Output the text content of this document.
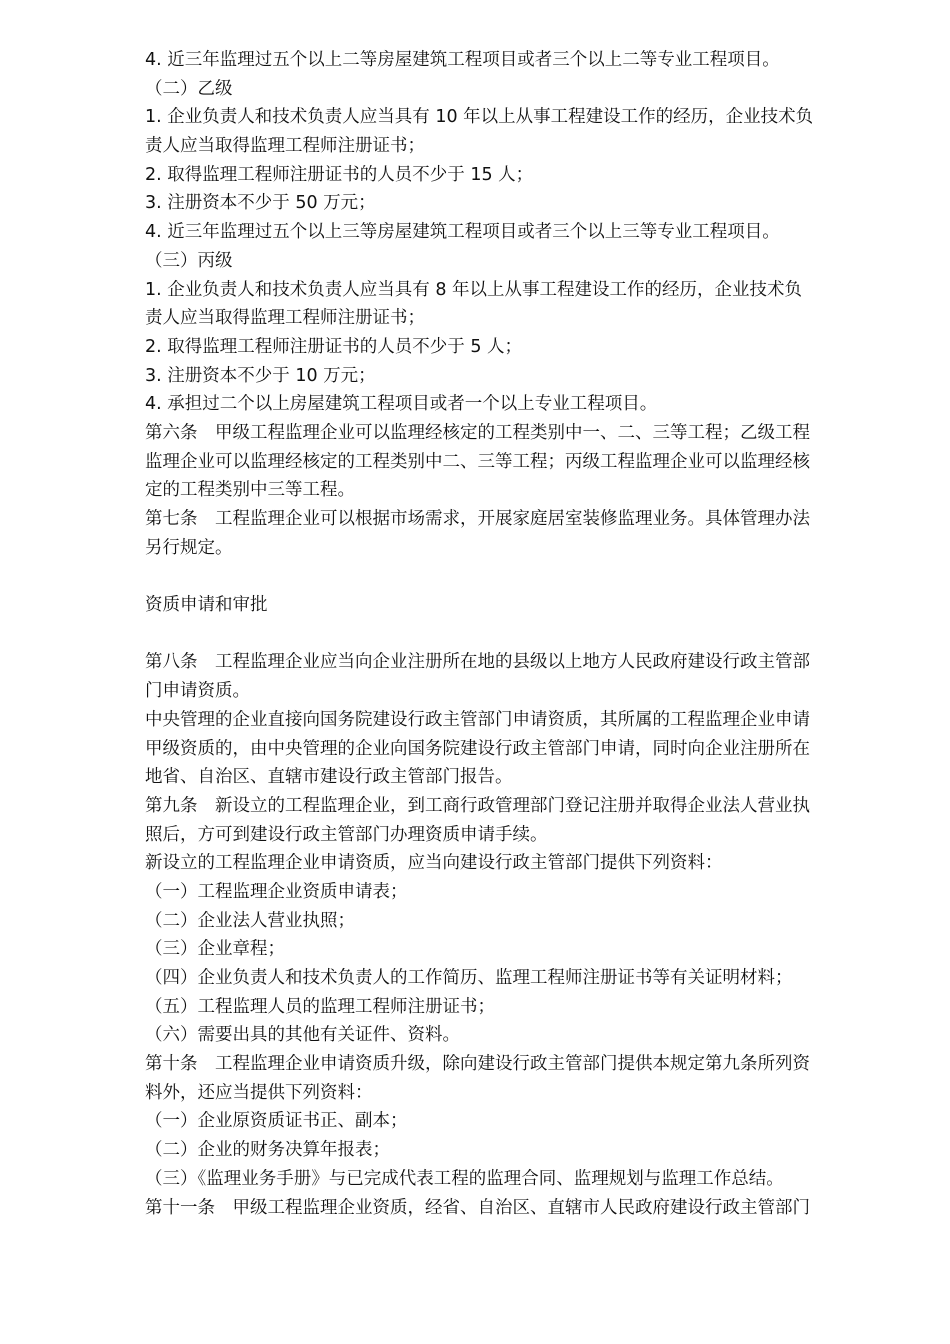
4. 近三年监理过五个以上二等房屋建筑工程项目或者三个以上二等专业工程项目。
（二）乙级
1. 企业负责人和技术负责人应当具有 10 年以上从事工程建设工作的经历，企业技术负
责人应当取得监理工程师注册证书；
2. 取得监理工程师注册证书的人员不少于 15 人；
3. 注册资本不少于 50 万元；
4. 近三年监理过五个以上三等房屋建筑工程项目或者三个以上三等专业工程项目。
（三）丙级
1. 企业负责人和技术负责人应当具有 8 年以上从事工程建设工作的经历，企业技术负
责人应当取得监理工程师注册证书；
2. 取得监理工程师注册证书的人员不少于 5 人；
3. 注册资本不少于 10 万元；
4. 承担过二个以上房屋建筑工程项目或者一个以上专业工程项目。
第六条　甲级工程监理企业可以监理经核定的工程类别中一、二、三等工程；乙级工程
监理企业可以监理经核定的工程类别中二、三等工程；丙级工程监理企业可以监理经核
定的工程类别中三等工程。
第七条　工程监理企业可以根据市场需求，开展家庭居室装修监理业务。具体管理办法
另行规定。
资质申请和审批
第八条　工程监理企业应当向企业注册所在地的县级以上地方人民政府建设行政主管部
门申请资质。
中央管理的企业直接向国务院建设行政主管部门申请资质，其所属的工程监理企业申请
甲级资质的，由中央管理的企业向国务院建设行政主管部门申请，同时向企业注册所在
地省、自治区、直辖市建设行政主管部门报告。
第九条　新设立的工程监理企业，到工商行政管理部门登记注册并取得企业法人营业执
照后，方可到建设行政主管部门办理资质申请手续。
新设立的工程监理企业申请资质，应当向建设行政主管部门提供下列资料：
（一）工程监理企业资质申请表；
（二）企业法人营业执照；
（三）企业章程；
（四）企业负责人和技术负责人的工作简历、监理工程师注册证书等有关证明材料；
（五）工程监理人员的监理工程师注册证书；
（六）需要出具的其他有关证件、资料。
第十条　工程监理企业申请资质升级，除向建设行政主管部门提供本规定第九条所列资
料外，还应当提供下列资料：
（一）企业原资质证书正、副本；
（二）企业的财务决算年报表；
（三）《监理业务手册》与已完成代表工程的监理合同、监理规划与监理工作总结。
第十一条　甲级工程监理企业资质，经省、自治区、直辖市人民政府建设行政主管部门
